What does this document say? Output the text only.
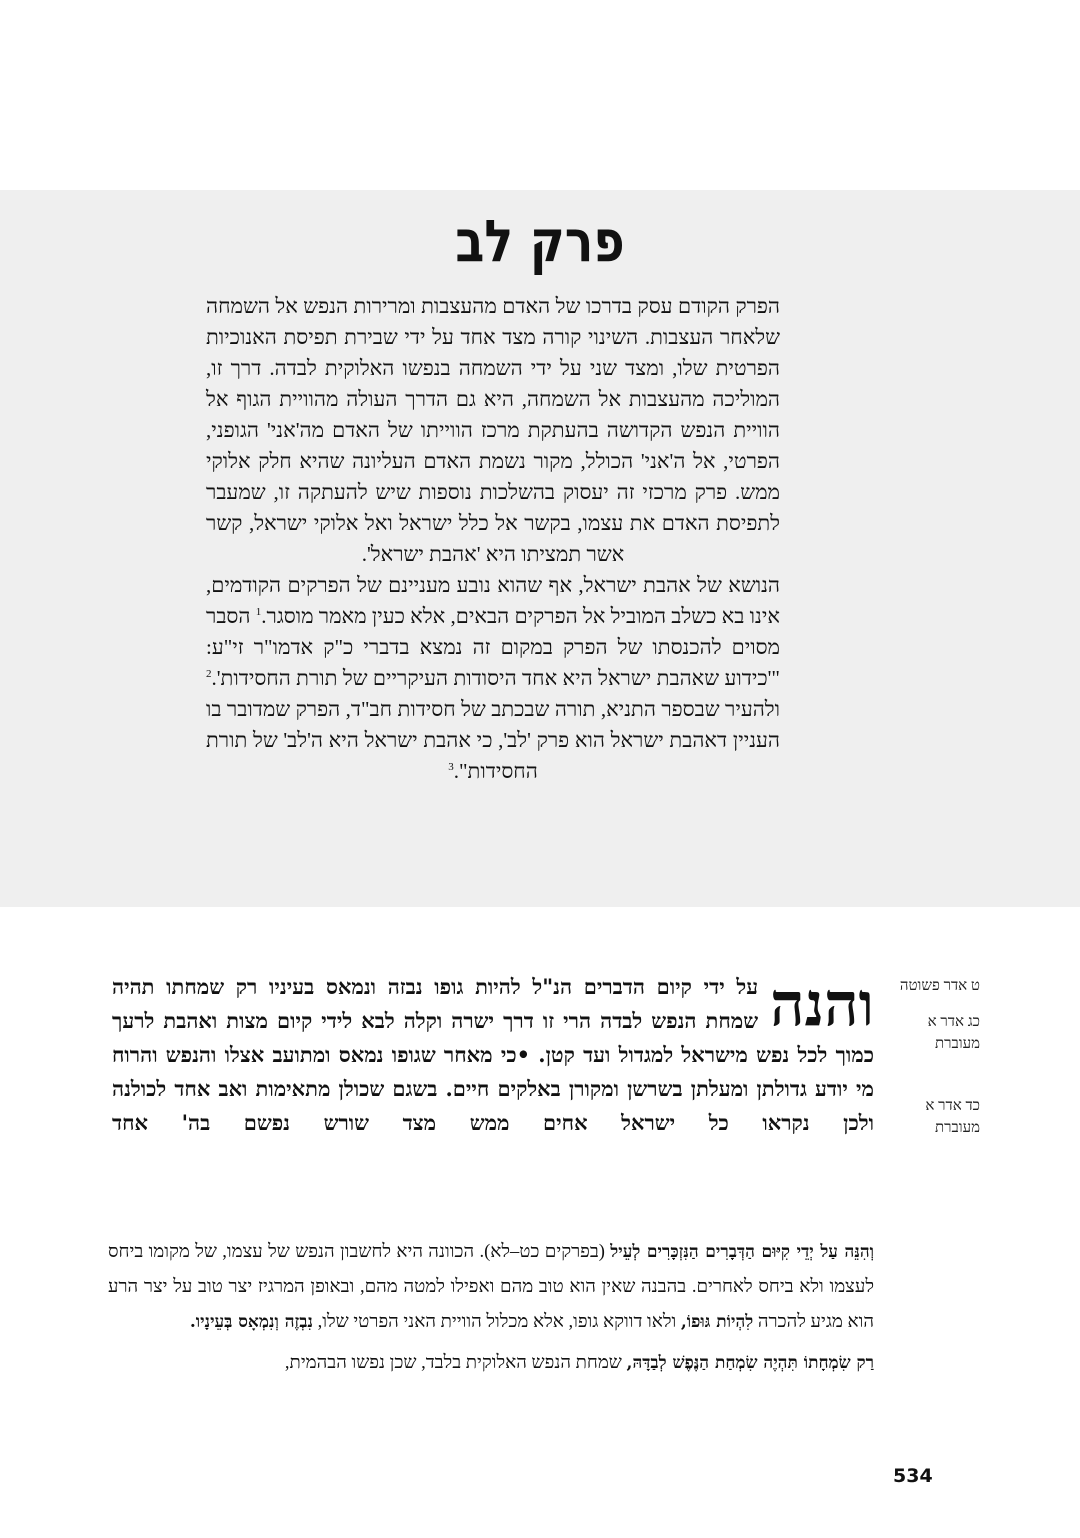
פרק לב

הפרק הקודם עסק בדרכו של האדם מהעצבות ומרירות הנפש אל השמחה שלאחר העצבות. השינוי קורה מצד אחד על ידי שבירת תפיסת האנוכיות הפרטית שלו, ומצד שני על ידי השמחה בנפשו האלוקית לבדה. דרך זו, המוליכה מהעצבות אל השמחה, היא גם הדרך העולה מהוויית הגוף אל הוויית הנפש הקדושה בהעתקת מרכז הווייתו של האדם מה'אני' הגופני, הפרטי, אל ה'אני' הכולל, מקור נשמת האדם העליונה שהיא חלק אלוקי ממש. פרק מרכזי זה יעסוק בהשלכות נוספות שיש להעתקה זו, שמעבר לתפיסת האדם את עצמו, בקשר אל כלל ישראל ואל אלוקי ישראל, קשר אשר תמציתו היא 'אהבת ישראל'.

הנושא של אהבת ישראל, אף שהוא נובע מעניינם של הפרקים הקודמים, אינו בא כשלב המוביל אל הפרקים הבאים, אלא כעין מאמר מוסגר.$^1$ הסבר מסוים להכנסתו של הפרק במקום זה נמצא בדברי כ"ק אדמו"ר זי"ע: "'כידוע שאהבת ישראל היא אחד היסודות העיקריים של תורת החסידות'.$^2$ ולהעיר שבספר התניא, תורה שבכתב של חסידות חב"ד, הפרק שמדובר בו העניין דאהבת ישראל הוא פרק 'לב', כי אהבת ישראל היא ה'לב' של תורת החסידות".$^3$

ט אדר פשוטה
כג אדר א מעוברת
כד אדר א מעוברת
והנה
על ידי קיום הדברים הנ"ל להיות גופו נבזה ונמאס בעיניו רק שמחתו תהיה שמחת הנפש לבדה הרי זו דרך ישרה וקלה לבא לידי קיום מצות ואהבת לרעך כמוך לכל נפש מישראל למגדול ועד קטן. •כי מאחר שגופו נמאס ומתועב אצלו והנפש והרוח מי יודע גדולתן ומעלתן בשרשן ומקורן באלקים חיים. בשגם שכולן מתאימות ואב אחד לכולנה ולכן נקראו כל ישראל אחים ממש מצד שורש נפשם בה' אחד

וְהִנֵּה עַל יְדֵי קִיּוּם הַדְּבָרִים הַנִּזְכָּרִים לְעֵיל (בפרקים כט–לא). הכוונה היא לחשבון הנפש של עצמו, של מקומו ביחס לעצמו ולא ביחס לאחרים. בהבנה שאין הוא טוב מהם ואפילו למטה מהם, ובאופן המרגיז יצר טוב על יצר הרע הוא מגיע להכרה לִהְיוֹת גּוּפוֹ, ולאו דווקא גופו, אלא מכלול הוויית האני הפרטי שלו, נִבְזֶה וְנִמְאָס בְּעֵינָיו.

רַק שִׂמְחָתוֹ תִּהְיֶה שִׂמְחַת הַנֶּפֶשׁ לְבַדָּהּ, שמחת הנפש האלוקית בלבד, שכן נפשו הבהמית,

534
